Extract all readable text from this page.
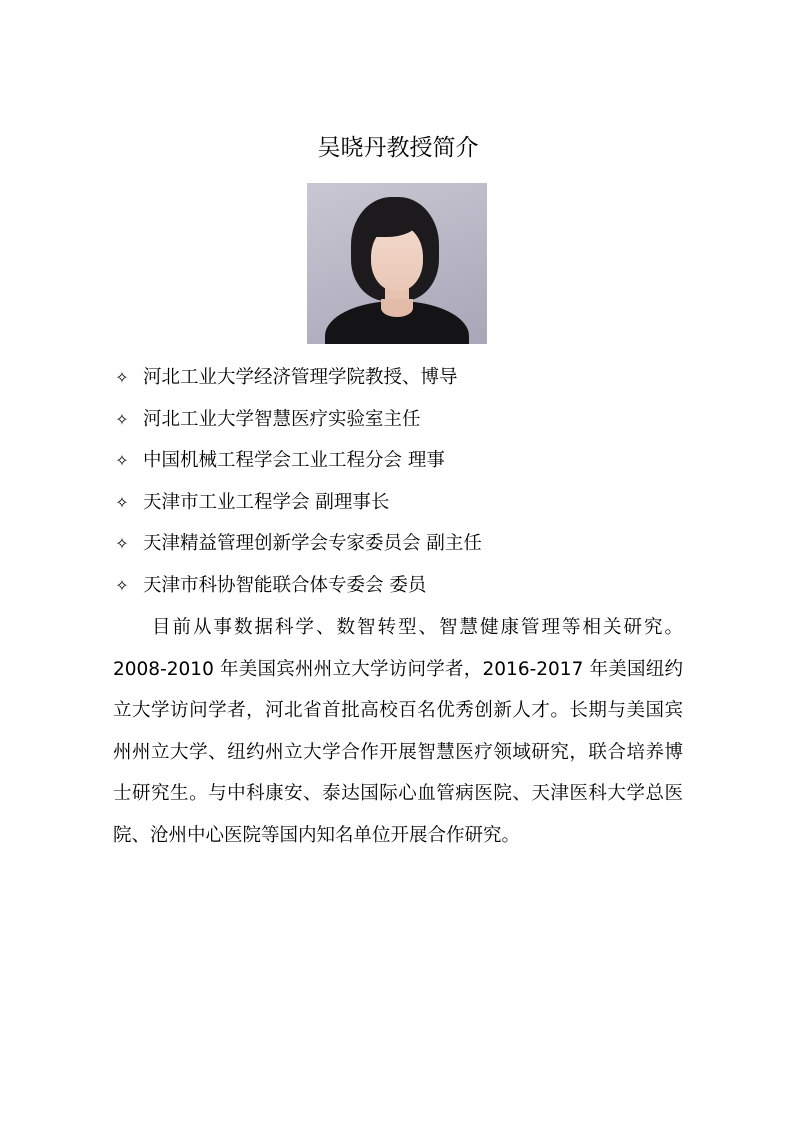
吴晓丹教授简介
✧ 河北工业大学经济管理学院教授、博导
✧ 河北工业大学智慧医疗实验室主任
✧ 中国机械工程学会工业工程分会 理事
✧ 天津市工业工程学会 副理事长
✧ 天津精益管理创新学会专家委员会 副主任
✧ 天津市科协智能联合体专委会 委员
目前从事数据科学、数智转型、智慧健康管理等相关研究。
2008-2010 年美国宾州州立大学访问学者，2016-2017 年美国纽约
立大学访问学者，河北省首批高校百名优秀创新人才。长期与美国宾
州州立大学、纽约州立大学合作开展智慧医疗领域研究，联合培养博
士研究生。与中科康安、泰达国际心血管病医院、天津医科大学总医
院、沧州中心医院等国内知名单位开展合作研究。
